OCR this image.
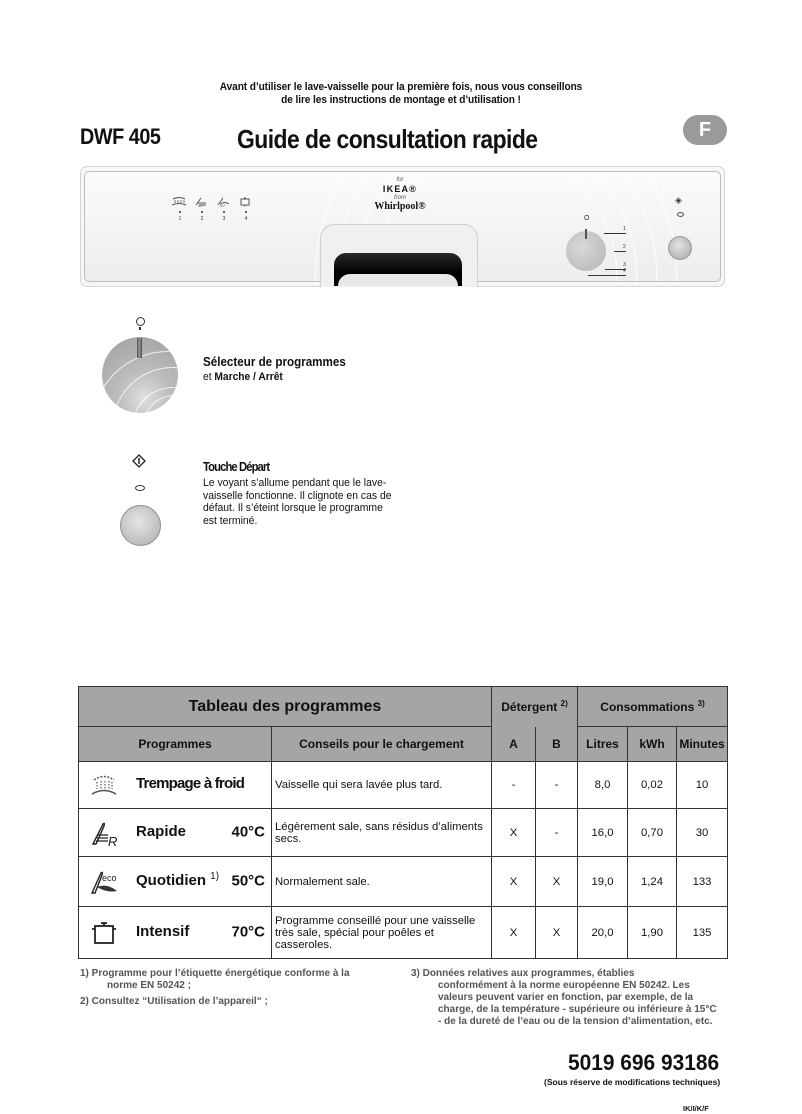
Avant d’utiliser le lave-vaisselle pour la première fois, nous vous conseillons
de lire les instructions de montage et d’utilisation !
DWF 405	Guide de consultation rapide	F
for
IKEA®
from
Whirlpool®
40°	50°	70°
1	2	3	4	O
1
2
3
4
◈
Sélecteur de programmes
et Marche / Arrêt
Touche Départ
Le voyant s’allume pendant que le lave-vaisselle fonctionne. Il clignote en cas de défaut. Il s’éteint lorsque le programme est terminé.
Tableau des programmes		Détergent $^{2)}$		Consommations $^{3)}$
Programmes	Conseils pour le chargement	A	B	Litres	kWh	Minutes

Trempage à froid	Vaisselle qui sera lavée plus tard.	-	-	8,0	0,02	10

R
Rapide 40°C	Légèrement sale, sans résidus d’aliments secs.	X	-	16,0	0,70	30

eco Quotidien $^{1)}$ 50°C	Normalement sale.	X	X	19,0	1,24	133

Intensif 70°C	Programme conseillé pour une vaisselle très sale, spécial pour poêles et casseroles.	X	X	20,0	1,90	135
1) Programme pour l’étiquette énergétique conforme à la
norme EN 50242 ;
2) Consultez “Utilisation de l’appareil“ ;
3) Données relatives aux programmes, établies
conformément à la norme européenne EN 50242. Les valeurs peuvent varier en fonction, par exemple, de la charge, de la température - supérieure ou inférieure à 15°C - de la dureté de l’eau ou de la tension d’alimentation, etc.
5019 696 93186
(Sous réserve de modifications techniques)
IK/I/K/F
